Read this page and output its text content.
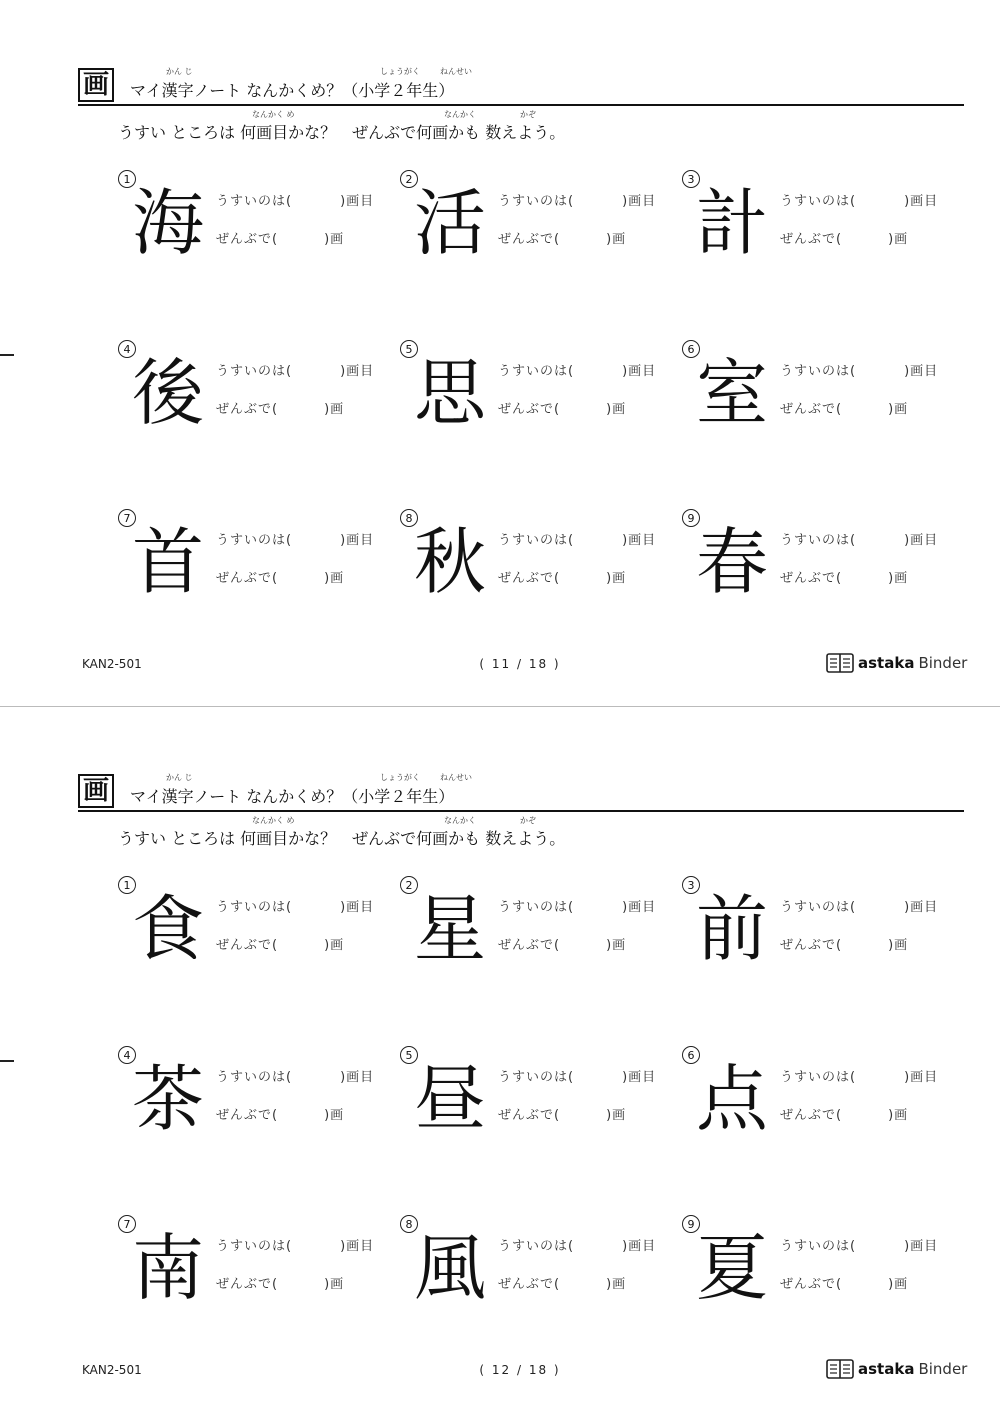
画	かん じ	しょうがく	ねんせい
マイ漢字ノート なんかくめ？（小学２年生）
なんかく め	なんかく	かぞ
うすい ところは 何画目かな？　ぜんぶで何画かも 数えよう。
1
海 うすいのは(	)画目
ぜんぶで(	)画
2
活 うすいのは(	)画目
ぜんぶで(	)画
3
計 うすいのは(	)画目
ぜんぶで(	)画
4
後 うすいのは(	)画目
ぜんぶで(	)画
5
思 うすいのは(	)画目
ぜんぶで(	)画
6
室 うすいのは(	)画目
ぜんぶで(	)画
7
首 うすいのは(	)画目
ぜんぶで(	)画
8
秋 うすいのは(	)画目
ぜんぶで(	)画
9
春 うすいのは(	)画目
ぜんぶで(	)画
KAN2-501	( 11 / 18 )	astaka Binder
画	かん じ	しょうがく	ねんせい
マイ漢字ノート なんかくめ？（小学２年生）
なんかく め	なんかく	かぞ
うすい ところは 何画目かな？　ぜんぶで何画かも 数えよう。
1
食 うすいのは(	)画目
ぜんぶで(	)画
2
星 うすいのは(	)画目
ぜんぶで(	)画
3
前 うすいのは(	)画目
ぜんぶで(	)画
4
茶 うすいのは(	)画目
ぜんぶで(	)画
5
昼 うすいのは(	)画目
ぜんぶで(	)画
6
点 うすいのは(	)画目
ぜんぶで(	)画
7
南 うすいのは(	)画目
ぜんぶで(	)画
8
風 うすいのは(	)画目
ぜんぶで(	)画
9
夏 うすいのは(	)画目
ぜんぶで(	)画
KAN2-501	( 12 / 18 )	astaka Binder
